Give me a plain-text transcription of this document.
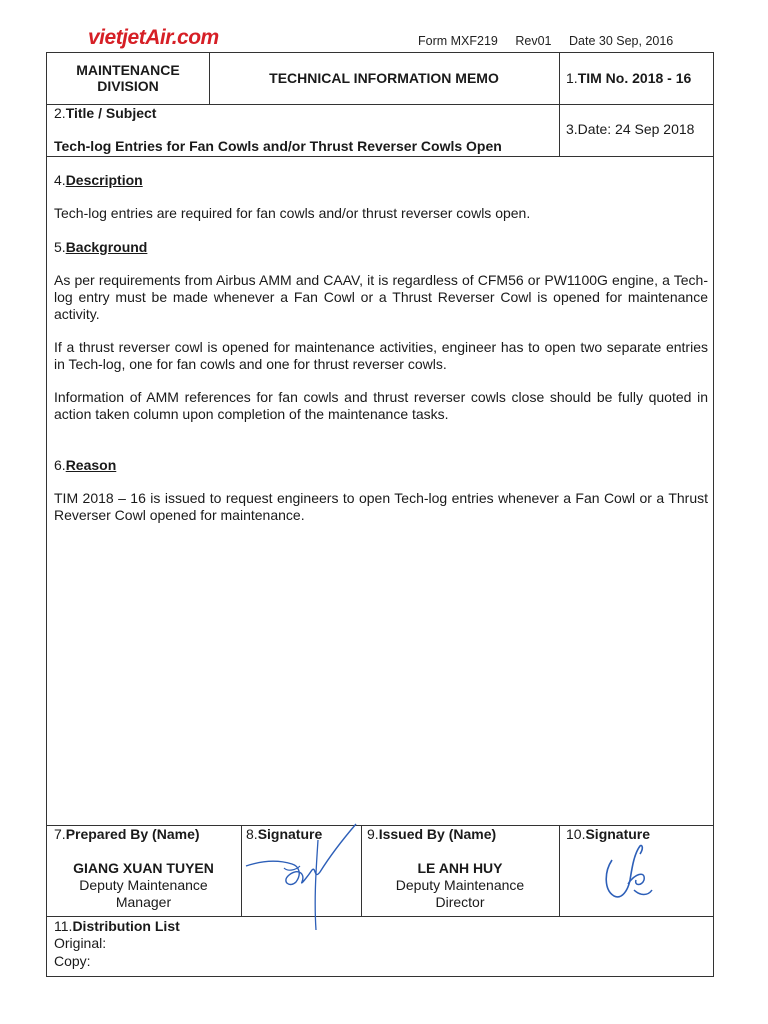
vietjetAir.com	Form MXF219 Rev01 Date 30 Sep, 2016
MAINTENANCE DIVISION	TECHNICAL INFORMATION MEMO	1.TIM No. 2018 - 16
2.Title / Subject
Tech-log Entries for Fan Cowls and/or Thrust Reverser Cowls Open
3.Date: 24 Sep 2018
4.Description
Tech-log entries are required for fan cowls and/or thrust reverser cowls open.
5.Background
As per requirements from Airbus AMM and CAAV, it is regardless of CFM56 or PW1100G engine, a Tech-log entry must be made whenever a Fan Cowl or a Thrust Reverser Cowl is opened for maintenance activity.
If a thrust reverser cowl is opened for maintenance activities, engineer has to open two separate entries in Tech-log, one for fan cowls and one for thrust reverser cowls.
Information of AMM references for fan cowls and thrust reverser cowls close should be fully quoted in action taken column upon completion of the maintenance tasks.
6.Reason
TIM 2018 – 16 is issued to request engineers to open Tech-log entries whenever a Fan Cowl or a Thrust Reverser Cowl opened for maintenance.
7.Prepared By (Name)
GIANG XUAN TUYEN
Deputy Maintenance Manager
8.Signature	9.Issued By (Name)
LE ANH HUY
Deputy Maintenance Director
10.Signature
11.Distribution List
Original:
Copy:
